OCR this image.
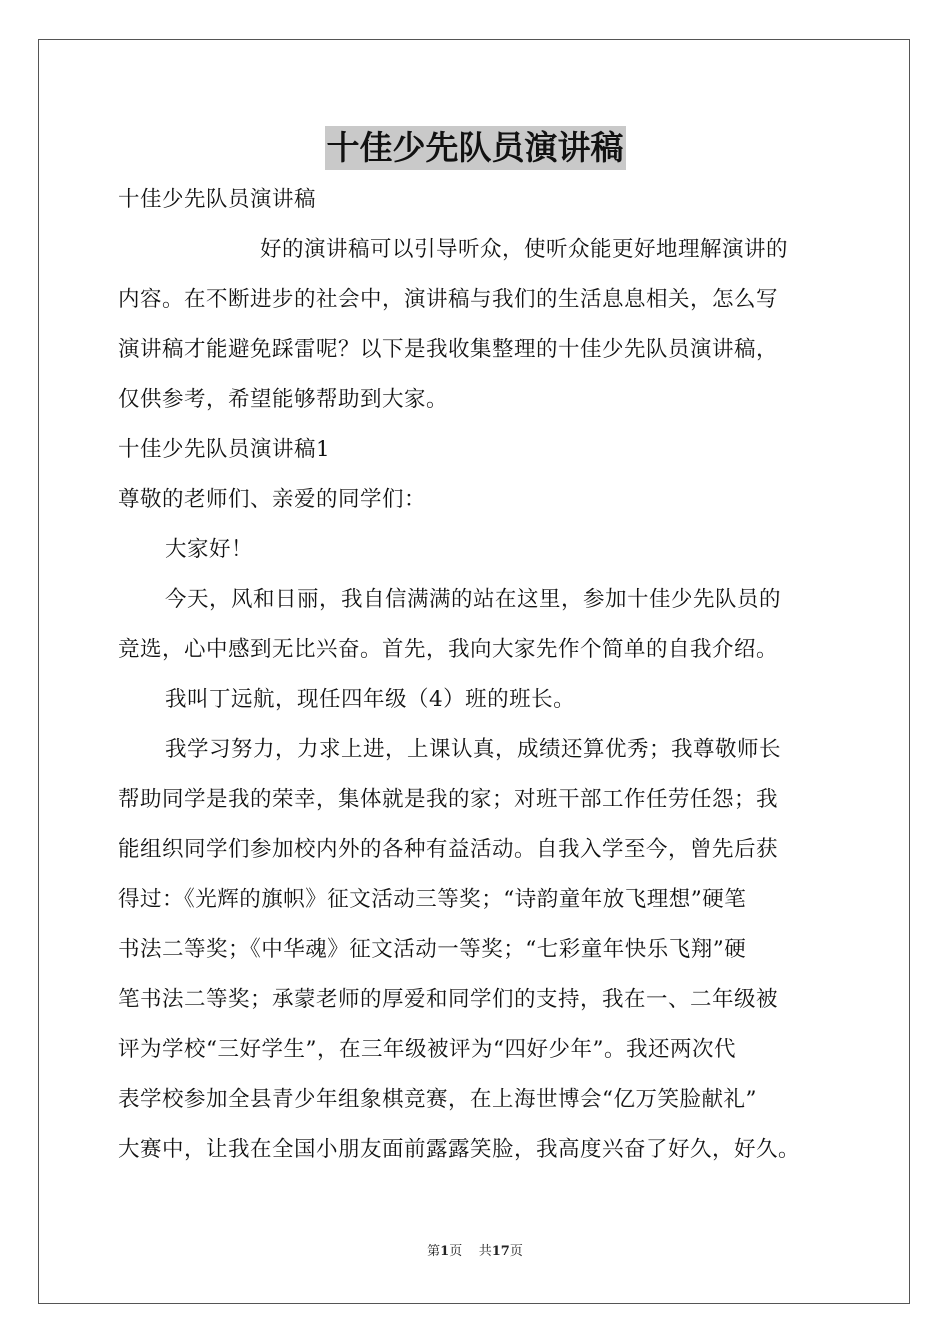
十佳少先队员演讲稿
十佳少先队员演讲稿
好的演讲稿可以引导听众，使听众能更好地理解演讲的
内容。在不断进步的社会中，演讲稿与我们的生活息息相关，怎么写
演讲稿才能避免踩雷呢？以下是我收集整理的十佳少先队员演讲稿，
仅供参考，希望能够帮助到大家。
十佳少先队员演讲稿1
尊敬的老师们、亲爱的同学们：
大家好！
今天，风和日丽，我自信满满的站在这里，参加十佳少先队员的
竞选，心中感到无比兴奋。首先，我向大家先作个简单的自我介绍。
我叫丁远航，现任四年级（4）班的班长。
我学习努力，力求上进，上课认真，成绩还算优秀；我尊敬师长
帮助同学是我的荣幸，集体就是我的家；对班干部工作任劳任怨；我
能组织同学们参加校内外的各种有益活动。自我入学至今，曾先后获
得过：《光辉的旗帜》征文活动三等奖；“诗韵童年放飞理想”硬笔
书法二等奖；《中华魂》征文活动一等奖；“七彩童年快乐飞翔”硬
笔书法二等奖；承蒙老师的厚爱和同学们的支持，我在一、二年级被
评为学校“三好学生”，在三年级被评为“四好少年”。我还两次代
表学校参加全县青少年组象棋竞赛，在上海世博会“亿万笑脸献礼”
大赛中，让我在全国小朋友面前露露笑脸，我高度兴奋了好久，好久。
第1页    共17页
